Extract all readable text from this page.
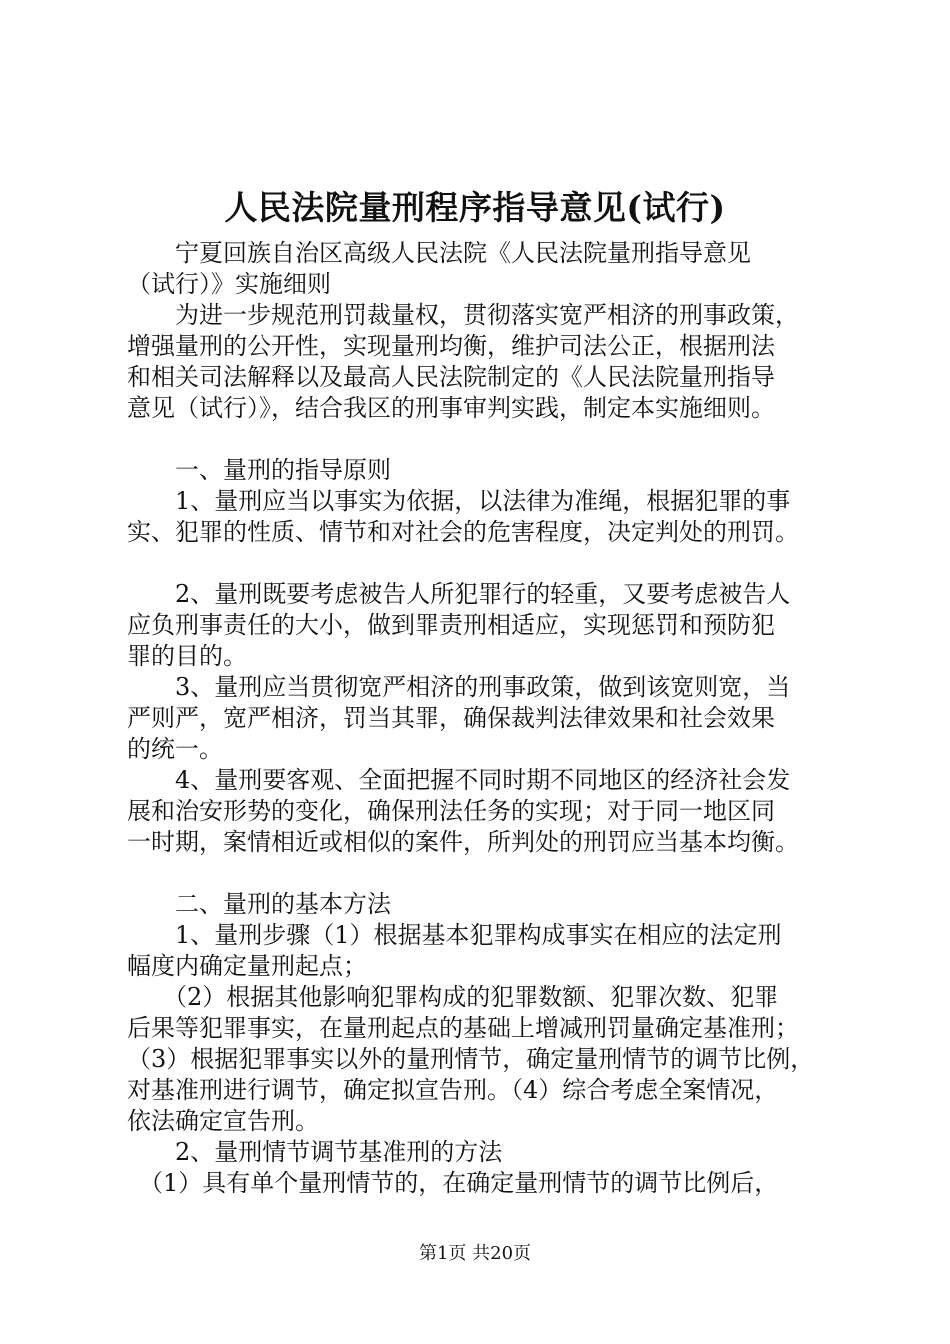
人民法院量刑程序指导意见(试行)

　　宁夏回族自治区高级人民法院《人民法院量刑指导意见

（试行）》实施细则

　　为进一步规范刑罚裁量权，贯彻落实宽严相济的刑事政策，

增强量刑的公开性，实现量刑均衡，维护司法公正，根据刑法

和相关司法解释以及最高人民法院制定的《人民法院量刑指导

意见（试行）》，结合我区的刑事审判实践，制定本实施细则。

　　一、量刑的指导原则

　　1、量刑应当以事实为依据，以法律为准绳，根据犯罪的事

实、犯罪的性质、情节和对社会的危害程度，决定判处的刑罚。

　　2、量刑既要考虑被告人所犯罪行的轻重，又要考虑被告人

应负刑事责任的大小，做到罪责刑相适应，实现惩罚和预防犯

罪的目的。

　　3、量刑应当贯彻宽严相济的刑事政策，做到该宽则宽，当

严则严，宽严相济，罚当其罪，确保裁判法律效果和社会效果

的统一。

　　4、量刑要客观、全面把握不同时期不同地区的经济社会发

展和治安形势的变化，确保刑法任务的实现；对于同一地区同

一时期，案情相近或相似的案件，所判处的刑罚应当基本均衡。

　　二、量刑的基本方法

　　1、量刑步骤（1）根据基本犯罪构成事实在相应的法定刑

幅度内确定量刑起点；

　　（2）根据其他影响犯罪构成的犯罪数额、犯罪次数、犯罪

后果等犯罪事实，在量刑起点的基础上增减刑罚量确定基准刑；

（3）根据犯罪事实以外的量刑情节，确定量刑情节的调节比例，

对基准刑进行调节，确定拟宣告刑。（4）综合考虑全案情况，

依法确定宣告刑。

　　2、量刑情节调节基准刑的方法

　（1）具有单个量刑情节的，在确定量刑情节的调节比例后，

第1页 共20页
